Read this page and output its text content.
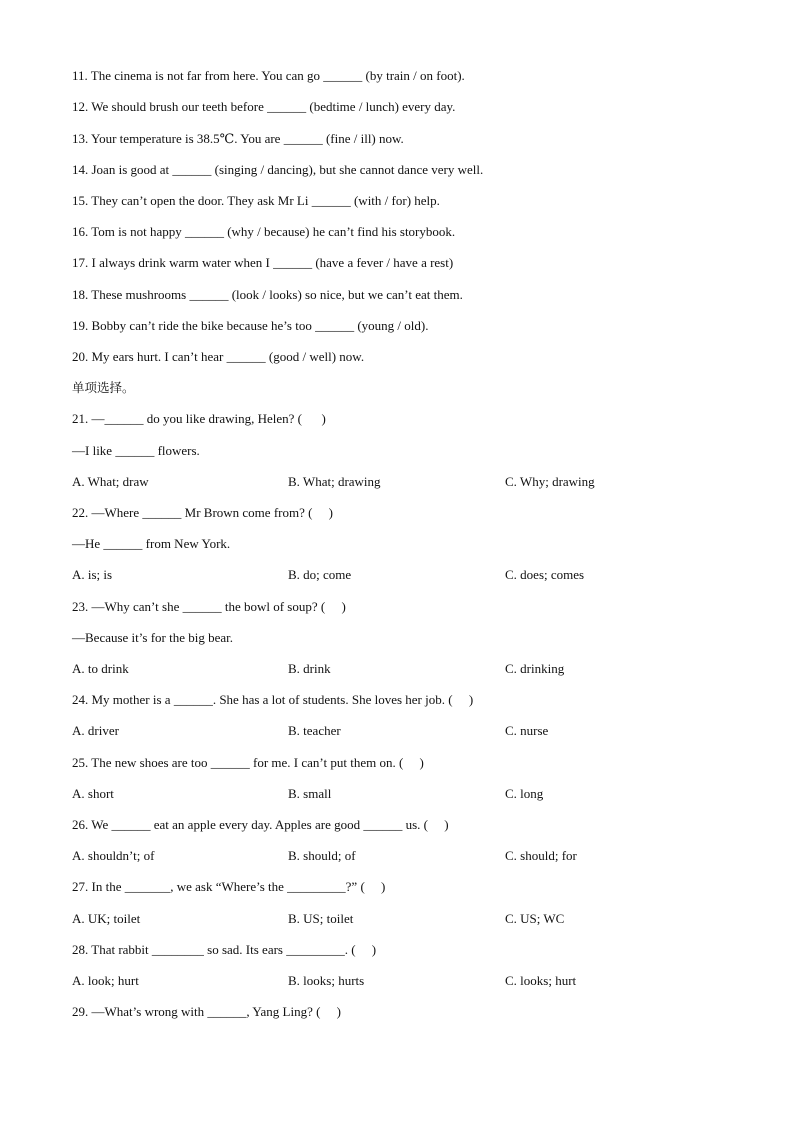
11. The cinema is not far from here. You can go ______ (by train / on foot).
12. We should brush our teeth before ______ (bedtime / lunch) every day.
13. Your temperature is 38.5℃. You are ______ (fine / ill) now.
14. Joan is good at ______ (singing / dancing), but she cannot dance very well.
15. They can’t open the door. They ask Mr Li ______ (with / for) help.
16. Tom is not happy ______ (why / because) he can’t find his storybook.
17. I always drink warm water when I ______ (have a fever / have a rest)
18. These mushrooms ______ (look / looks) so nice, but we can’t eat them.
19. Bobby can’t ride the bike because he’s too ______ (young / old).
20. My ears hurt. I can’t hear ______ (good / well) now.
单项选择。
21. —______ do you like drawing, Helen? (      )
—I like ______ flowers.
A. What; draw	B. What; drawing	C. Why; drawing
22. —Where ______ Mr Brown come from? (     )
—He ______ from New York.
A. is; is	B. do; come	C. does; comes
23. —Why can’t she ______ the bowl of soup? (     )
—Because it’s for the big bear.
A. to drink	B. drink	C. drinking
24. My mother is a ______. She has a lot of students. She loves her job. (     )
A. driver	B. teacher	C. nurse
25. The new shoes are too ______ for me. I can’t put them on. (     )
A. short	B. small	C. long
26. We ______ eat an apple every day. Apples are good ______ us. (     )
A. shouldn’t; of	B. should; of	C. should; for
27. In the _______, we ask “Where’s the _________?” (     )
A. UK; toilet	B. US; toilet	C. US; WC
28. That rabbit ________ so sad. Its ears _________. (     )
A. look; hurt	B. looks; hurts	C. looks; hurt
29. —What’s wrong with ______, Yang Ling? (     )
